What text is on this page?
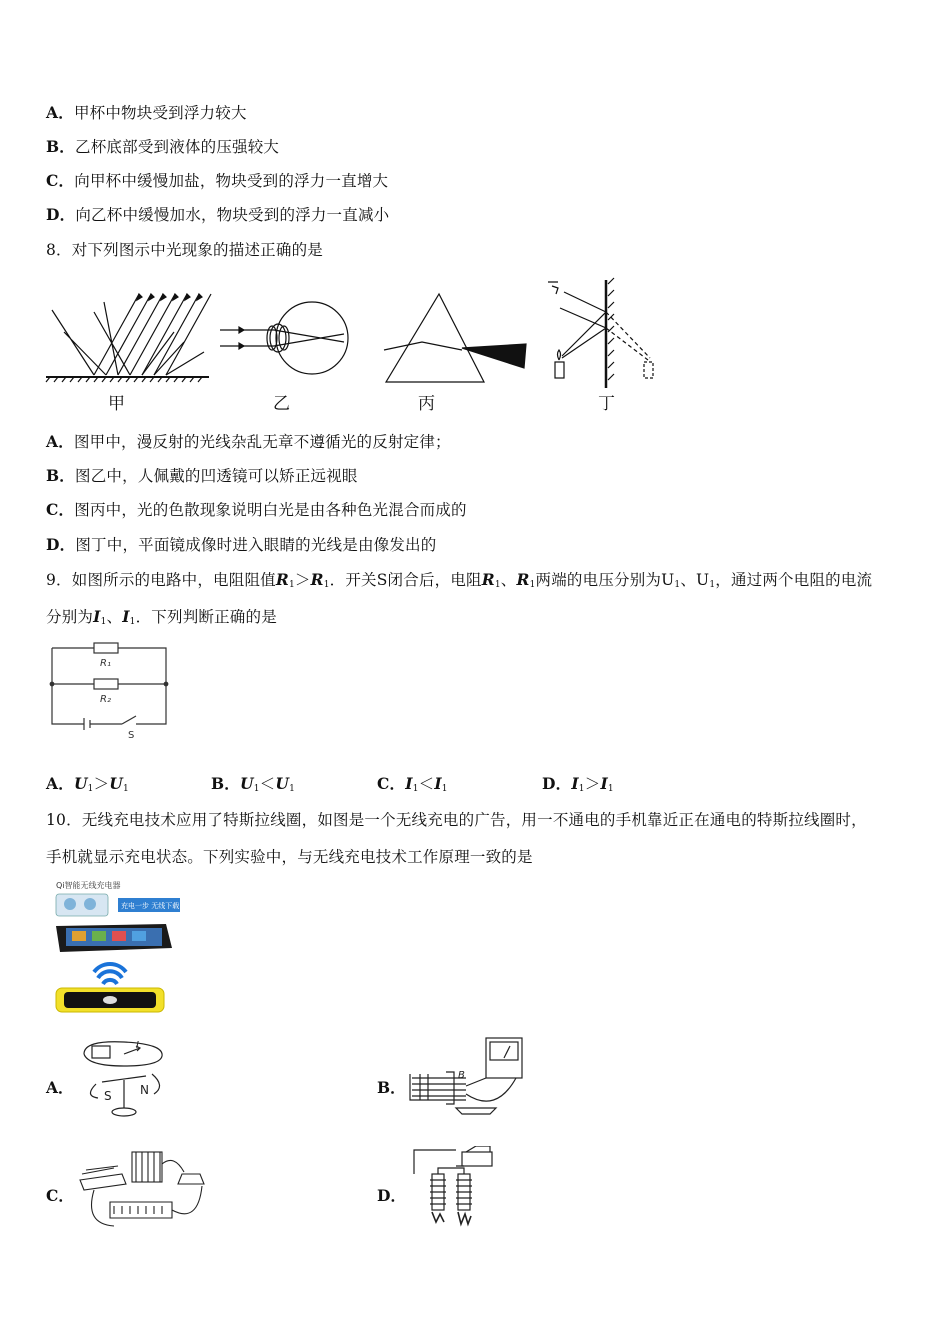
A．甲杯中物块受到浮力较大
B．乙杯底部受到液体的压强较大
C．向甲杯中缓慢加盐，物块受到的浮力一直增大
D．向乙杯中缓慢加水，物块受到的浮力一直减小
8．对下列图示中光现象的描述正确的是
甲	乙	丙	丁
A．图甲中，漫反射的光线杂乱无章不遵循光的反射定律；
B．图乙中，人佩戴的凹透镜可以矫正远视眼
C．图丙中，光的色散现象说明白光是由各种色光混合而成的
D．图丁中，平面镜成像时进入眼睛的光线是由像发出的
9．如图所示的电路中，电阻阻值$R_1>R_1$．开关S闭合后，电阻$R_1$、$R_1$两端的电压分别为$U_1$、$U_1$，通过两个电阻的电流
分别为$I_1$、$I_1$．下列判断正确的是
R₁
R₂
S
A．$U_1>U_1$	B．$U_1<U_1$	C．$I_1<I_1$	D．$I_1>I_1$
10．无线充电技术应用了特斯拉线圈，如图是一个无线充电的广告，用一不通电的手机靠近正在通电的特斯拉线圈时，
手机就显示充电状态。下列实验中，与无线充电技术工作原理一致的是
Qi智能无线充电器
充电一步 无线下载
A．
I
S N	B．
B
C．	D．
